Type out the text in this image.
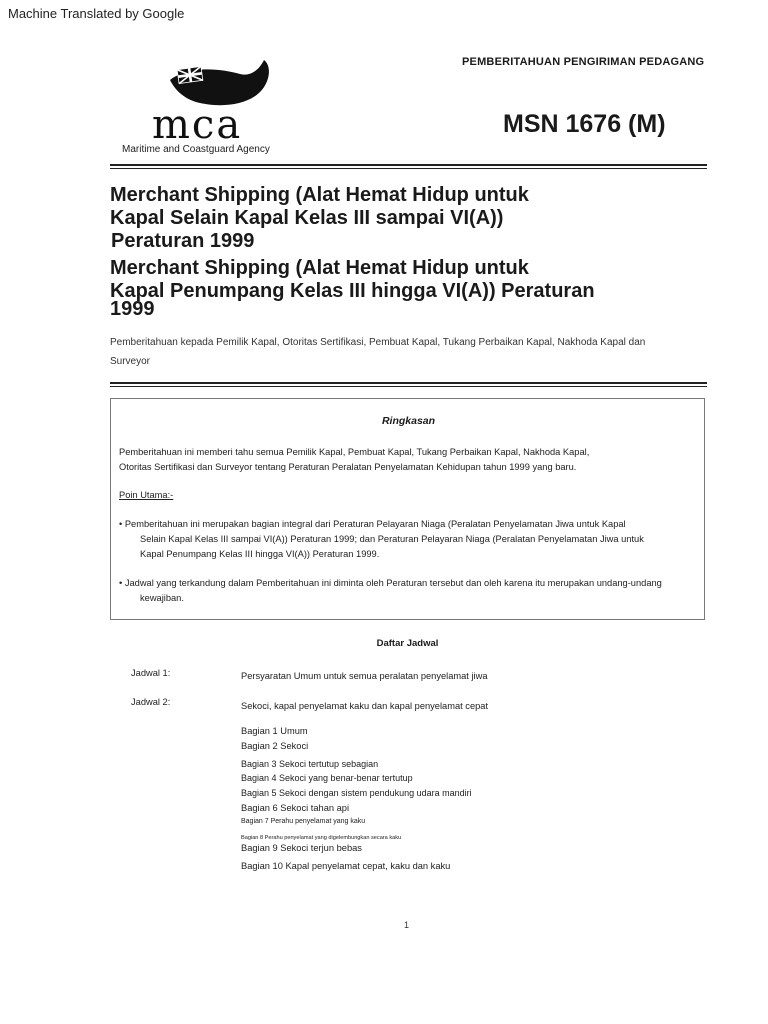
Machine Translated by Google
PEMBERITAHUAN PENGIRIMAN PEDAGANG
mca
Maritime and Coastguard Agency
MSN 1676 (M)
Merchant Shipping (Alat Hemat Hidup untuk
Kapal Selain Kapal Kelas III sampai VI(A))
Peraturan 1999
Merchant Shipping (Alat Hemat Hidup untuk
Kapal Penumpang Kelas III hingga VI(A)) Peraturan
1999
Pemberitahuan kepada Pemilik Kapal, Otoritas Sertifikasi, Pembuat Kapal, Tukang Perbaikan Kapal, Nakhoda Kapal dan
Surveyor
Ringkasan
Pemberitahuan ini memberi tahu semua Pemilik Kapal, Pembuat Kapal, Tukang Perbaikan Kapal, Nakhoda Kapal,
Otoritas Sertifikasi dan Surveyor tentang Peraturan Peralatan Penyelamatan Kehidupan tahun 1999 yang baru.
Poin Utama:-
• Pemberitahuan ini merupakan bagian integral dari Peraturan Pelayaran Niaga (Peralatan Penyelamatan Jiwa untuk Kapal
Selain Kapal Kelas III sampai VI(A)) Peraturan 1999; dan Peraturan Pelayaran Niaga (Peralatan Penyelamatan Jiwa untuk
Kapal Penumpang Kelas III hingga VI(A)) Peraturan 1999.
• Jadwal yang terkandung dalam Pemberitahuan ini diminta oleh Peraturan tersebut dan oleh karena itu merupakan undang-undang
kewajiban.
Daftar Jadwal
Jadwal 1:	Persyaratan Umum untuk semua peralatan penyelamat jiwa
Jadwal 2:	Sekoci, kapal penyelamat kaku dan kapal penyelamat cepat
Bagian 1 Umum
Bagian 2 Sekoci
Bagian 3 Sekoci tertutup sebagian
Bagian 4 Sekoci yang benar-benar tertutup
Bagian 5 Sekoci dengan sistem pendukung udara mandiri
Bagian 6 Sekoci tahan api
Bagian 7 Perahu penyelamat yang kaku
Bagian 8 Perahu penyelamat yang digelembungkan secara kaku
Bagian 9 Sekoci terjun bebas
Bagian 10 Kapal penyelamat cepat, kaku dan kaku
1
